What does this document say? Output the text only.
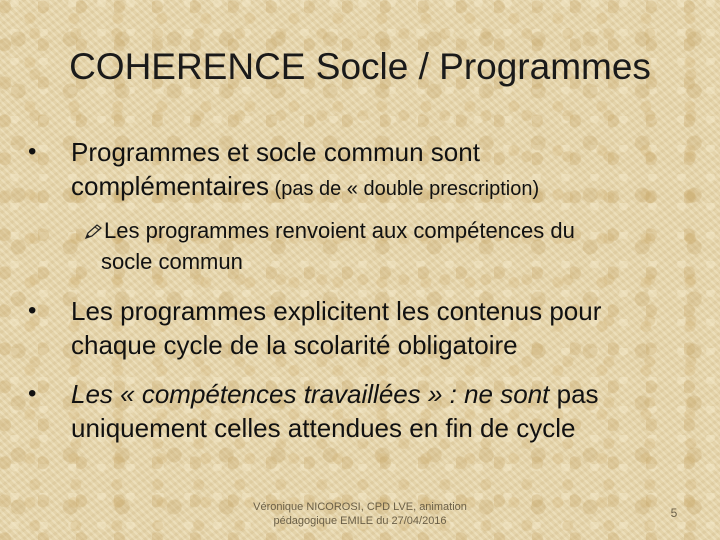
COHERENCE Socle / Programmes
• Programmes et socle commun sont
complémentaires (pas de « double prescription)
Les programmes renvoient aux compétences du
socle commun
• Les programmes explicitent les contenus pour
chaque cycle de la scolarité obligatoire
• Les « compétences travaillées » : ne sont pas
uniquement celles attendues en fin de cycle
Véronique NICOROSI, CPD LVE, animation
pédagogique EMILE du 27/04/2016
5
